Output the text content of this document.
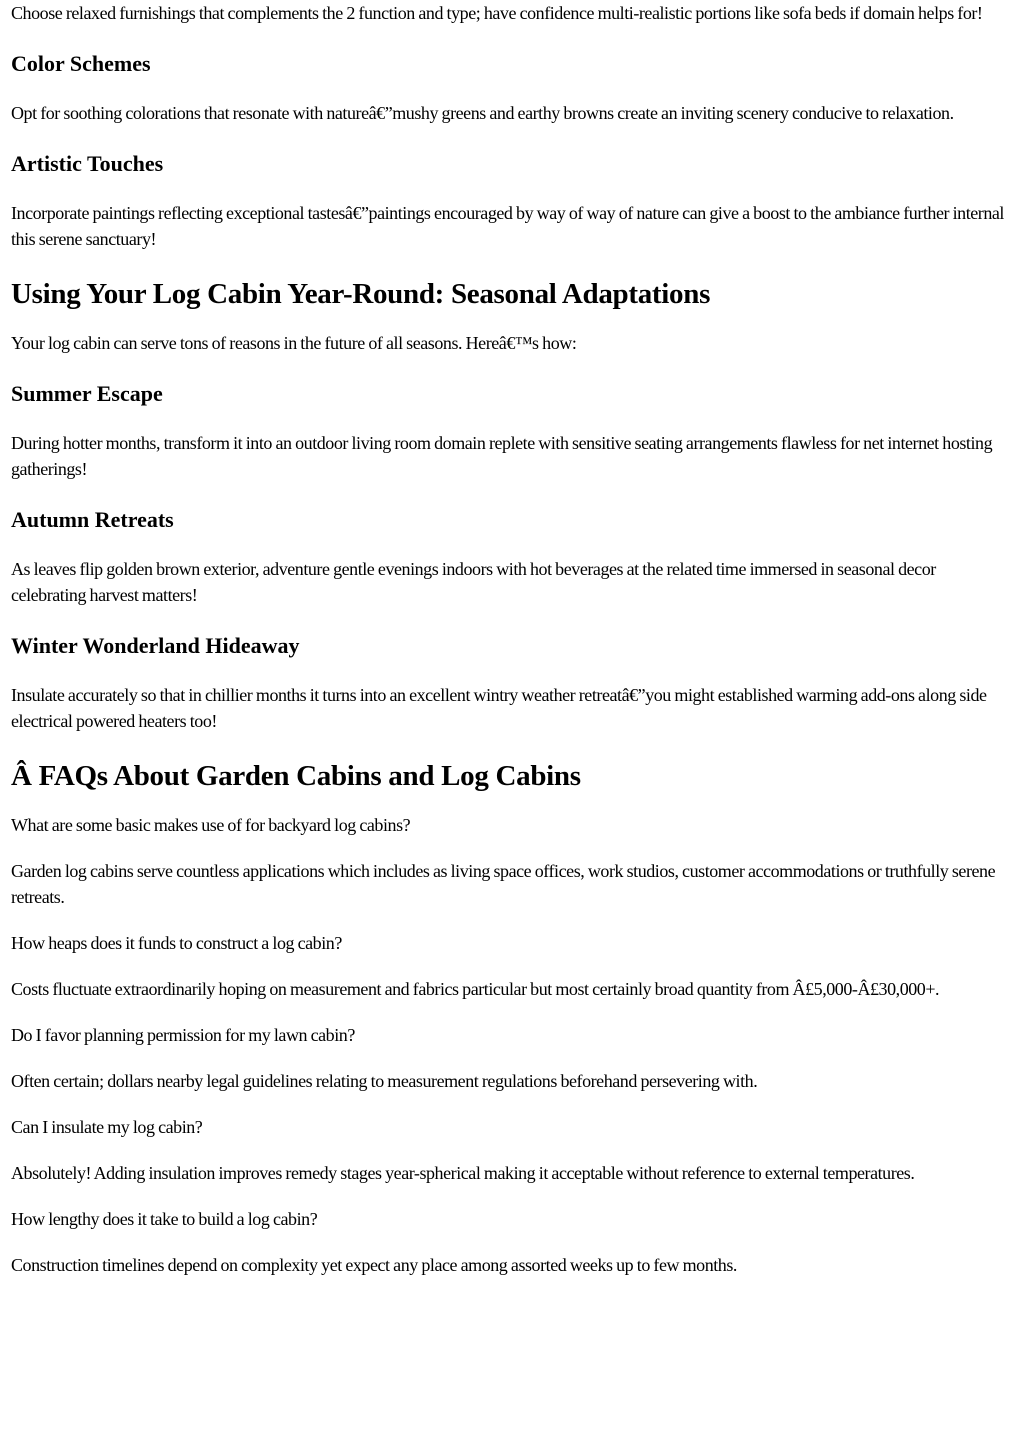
Choose relaxed furnishings that complements the 2 function and type; have confidence multi-realistic portions like sofa beds if domain helps for!

Color Schemes

Opt for soothing colorations that resonate with natureâ€”mushy greens and earthy browns create an inviting scenery conducive to relaxation.

Artistic Touches

Incorporate paintings reflecting exceptional tastesâ€”paintings encouraged by way of way of nature can give a boost to the ambiance further internal this serene sanctuary!

Using Your Log Cabin Year-Round: Seasonal Adaptations

Your log cabin can serve tons of reasons in the future of all seasons. Hereâ€™s how:

Summer Escape

During hotter months, transform it into an outdoor living room domain replete with sensitive seating arrangements flawless for net internet hosting gatherings!

Autumn Retreats

As leaves flip golden brown exterior, adventure gentle evenings indoors with hot beverages at the related time immersed in seasonal decor celebrating harvest matters!

Winter Wonderland Hideaway

Insulate accurately so that in chillier months it turns into an excellent wintry weather retreatâ€”you might established warming add-ons along side electrical powered heaters too!

Â FAQs About Garden Cabins and Log Cabins

What are some basic makes use of for backyard log cabins?

Garden log cabins serve countless applications which includes as living space offices, work studios, customer accommodations or truthfully serene retreats.

How heaps does it funds to construct a log cabin?

Costs fluctuate extraordinarily hoping on measurement and fabrics particular but most certainly broad quantity from Â£5,000-Â£30,000+.

Do I favor planning permission for my lawn cabin?

Often certain; dollars nearby legal guidelines relating to measurement regulations beforehand persevering with.

Can I insulate my log cabin?

Absolutely! Adding insulation improves remedy stages year-spherical making it acceptable without reference to external temperatures.

How lengthy does it take to build a log cabin?

Construction timelines depend on complexity yet expect any place among assorted weeks up to few months.
